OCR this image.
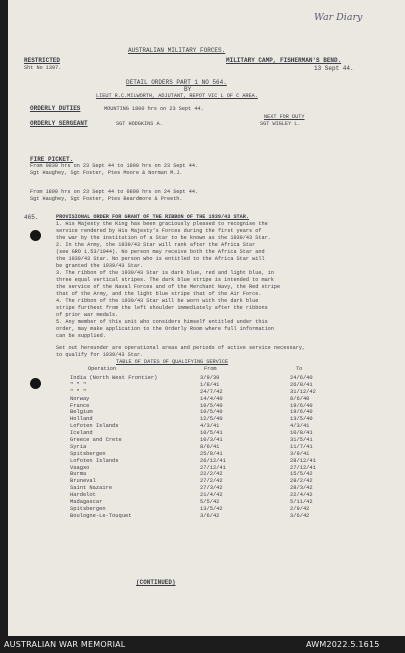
War Diary
AUSTRALIAN MILITARY FORCES.
RESTRICTED	MILITARY CAMP, FISHERMAN'S BEND.
Sht No 1397.	13 Sept 44.
DETAIL ORDERS PART 1 NO 564.
BY
LIEUT R.C.MILWORTH, ADJUTANT, REPOT VIC L OF C AREA.
ORDERLY DUTIES	MOUNTING 1800 hrs on 23 Sept 44.
NEXT FOR DUTY
ORDERLY SERGEANT	SGT HODGKINS A.	SGT WIGLEY L.
FIRE PICKET.
From 0830 hrs on 23 Sept 44 to 1800 hrs on 23 Sept 44.
Sgt Haughey, Sgt Foster, Ptes Moore & Norman M.J.
From 1800 hrs on 23 Sept 44 to 0800 hrs on 24 Sept 44.
Sgt Haughey, Sgt Foster, Ptes Beardmore & Preeth.
465.	PROVISIONAL ORDER FOR GRANT OF THE RIBBON OF THE 1939/43 STAR.
1. His Majesty the King has been graciously pleased to recognise the
service rendered by His Majesty's Forces during the first years of
the war by the institution of a Star to be known as the 1939/43 Star.
2. In the Army, the 1939/43 Star will rank after the Africa Star
(see GRO 1.53/1944). No person may receive both the Africa Star and
the 1939/43 Star. No person who is entitled to the Africa Star will
be granted the 1939/43 Star.
3. The ribbon of the 1939/43 Star is dark blue, red and light blue, in
three equal vertical stripes. The dark blue stripe is intended to mark
the service of the Naval Forces and of the Merchant Navy, the Red stripe
that of the Army, and the light blue stripe that of the Air Force.
4. The ribbon of the 1939/43 Star will be worn with the dark blue
stripe furthest from the left shoulder immediately after the ribbons
of prior war medals.
5. Any member of this unit who considers himself entitled under this
order, may make application to the Orderly Room where full information
can be supplied.
Set out hereunder are operational areas and periods of active service necessary,
to qualify for 1939/43 Star.
TABLE OF DATES OF QUALIFYING SERVICE
Operation	From	To
India (North West Frontier)	3/9/39	24/6/40
" " "	1/8/41	26/8/41
" " "	24/7/42	31/12/42
Norway	14/4/40	8/6/40
France	10/5/40	19/6/40
Belgium	10/5/40	19/6/40
Holland	12/5/40	13/5/40
Lofoten Islands	4/3/41	4/3/41
Iceland	10/5/41	10/8/41
Greece and Crete	10/3/41	31/5/41
Syria	8/6/41	11/7/41
Spitsbergen	25/8/41	3/9/41
Lofoten Islands	26/12/41	28/12/41
Vaagso	27/12/41	27/12/41
Burma	22/2/42	15/5/42
Bruneval	27/2/42	28/2/42
Saint Nazaire	27/3/42	28/3/42
Hardelot	21/4/42	22/4/42
Madagascar	5/5/42	5/11/42
Spitsbergen	13/5/42	2/9/42
Boulogne-Le-Touquet	3/6/42	3/6/42
(CONTINUED)
AUSTRALIAN WAR MEMORIAL	AWM2022.5.1615
